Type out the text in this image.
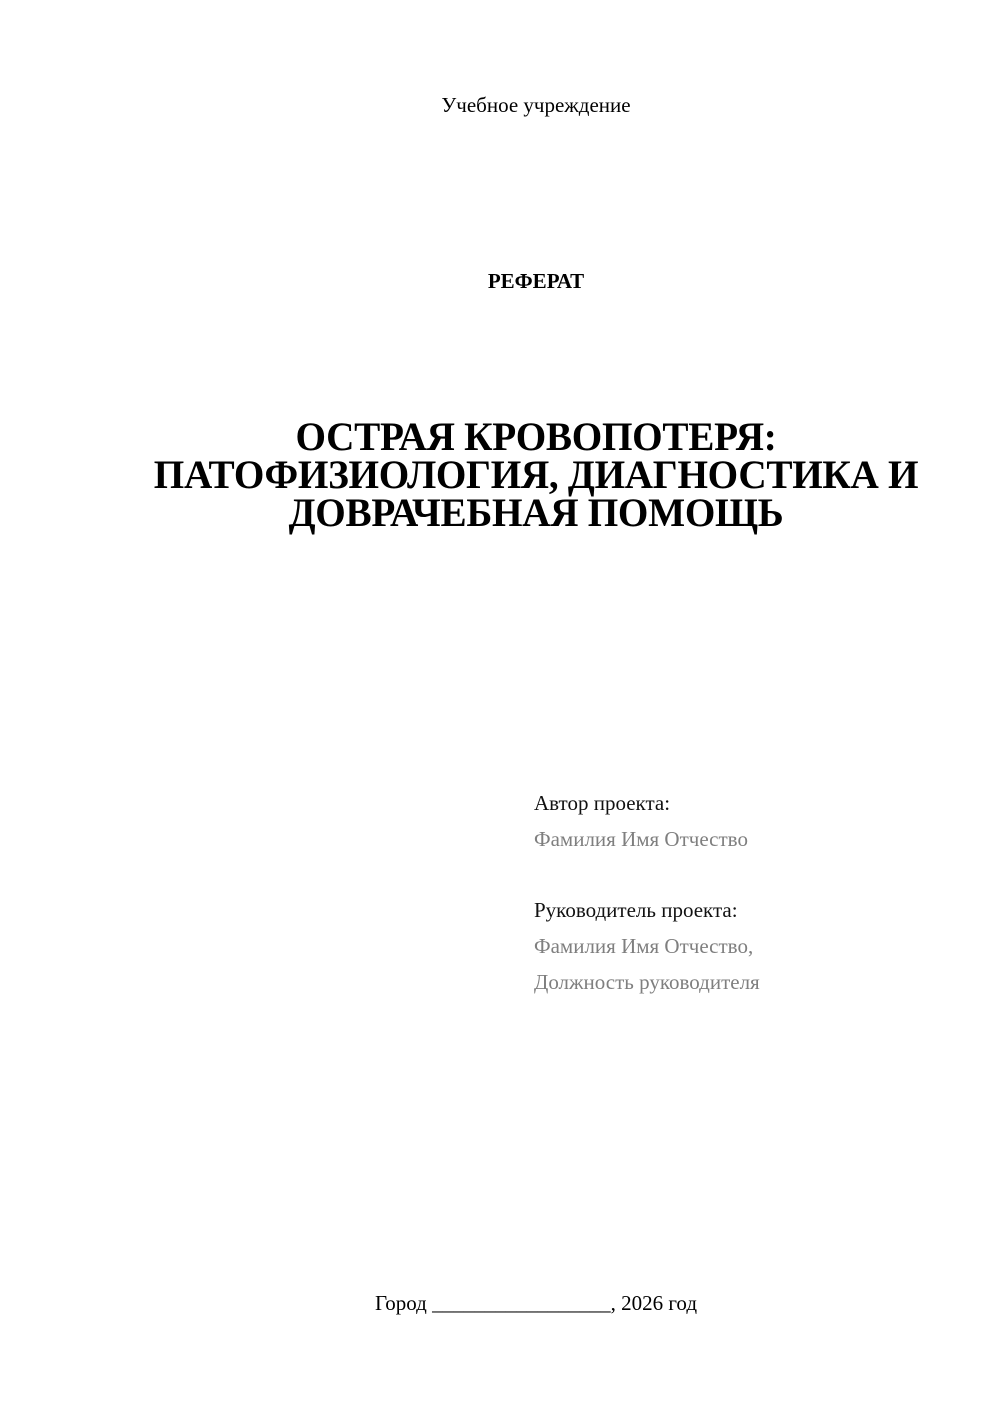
Учебное учреждение
РЕФЕРАТ
ОСТРАЯ КРОВОПОТЕРЯ:
ПАТОФИЗИОЛОГИЯ, ДИАГНОСТИКА И
ДОВРАЧЕБНАЯ ПОМОЩЬ
Автор проекта:
Фамилия Имя Отчество
Руководитель проекта:
Фамилия Имя Отчество,
Должность руководителя
Город _________________, 2026 год
